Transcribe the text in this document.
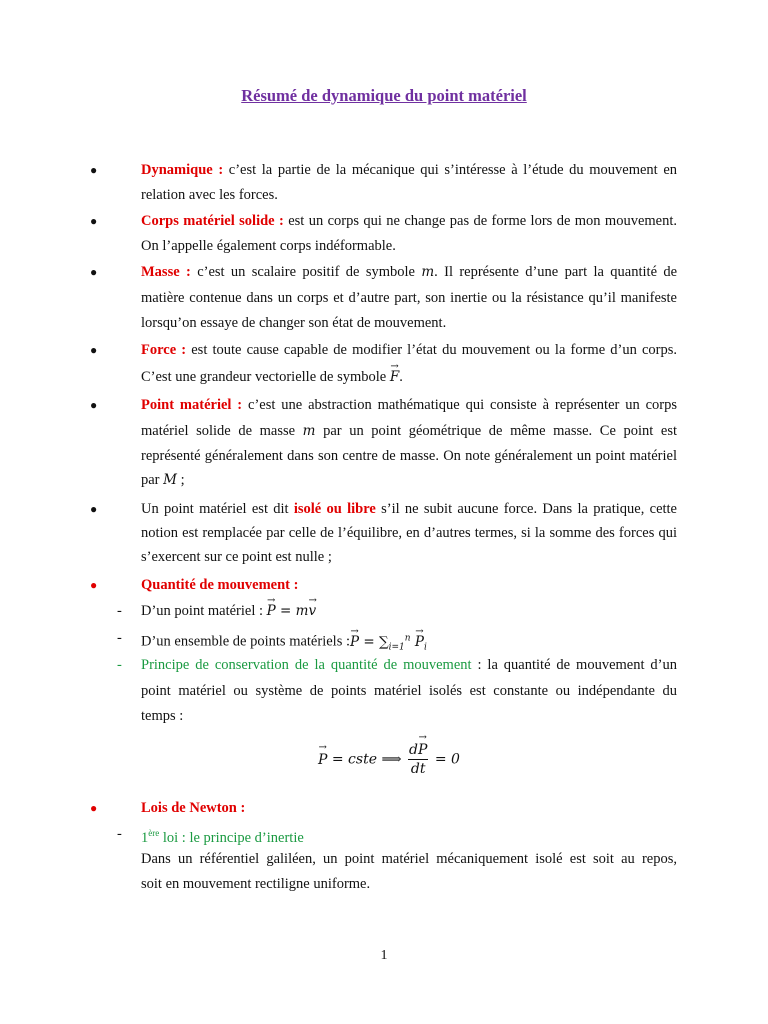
Résumé de dynamique du point matériel
●	Dynamique : c’est la partie de la mécanique qui s’intéresse à l’étude du mouvement en
relation avec les forces.
●	Corps matériel solide : est un corps qui ne change pas de forme lors de mon mouvement.
On l’appelle également corps indéformable.
●	Masse : c’est un scalaire positif de symbole m. Il représente d’une part la quantité de
matière contenue dans un corps et d’autre part, son inertie ou la résistance qu’il manifeste
lorsqu’on essaye de changer son état de mouvement.
●	Force : est toute cause capable de modifier l’état du mouvement ou la forme d’un corps.
C’est une grandeur vectorielle de symbole → F.
●	Point matériel : c’est une abstraction mathématique qui consiste à représenter un corps
matériel solide de masse m par un point géométrique de même masse. Ce point est
représenté généralement dans son centre de masse. On note généralement un point matériel
par M ;
●	Un point matériel est dit isolé ou libre s’il ne subit aucune force. Dans la pratique, cette
notion est remplacée par celle de l’équilibre, en d’autres termes, si la somme des forces qui
s’exercent sur ce point est nulle ;
●	Quantité de mouvement :
- D’un point matériel : → P = m→ v
- D’un ensemble de points matériels :→ $P = \sum_{i=1}^n \to P_i$
- Principe de conservation de la quantité de mouvement : la quantité de mouvement d’un
point matériel ou système de points matériel isolés est constante ou indépendante du
temps :
→ P = cste ⟹ $\frac{d\to P}{dt} = 0$
●	Lois de Newton :
- 1ère loi : le principe d’inertie
Dans un référentiel galiléen, un point matériel mécaniquement isolé est soit au repos,
soit en mouvement rectiligne uniforme.
1
